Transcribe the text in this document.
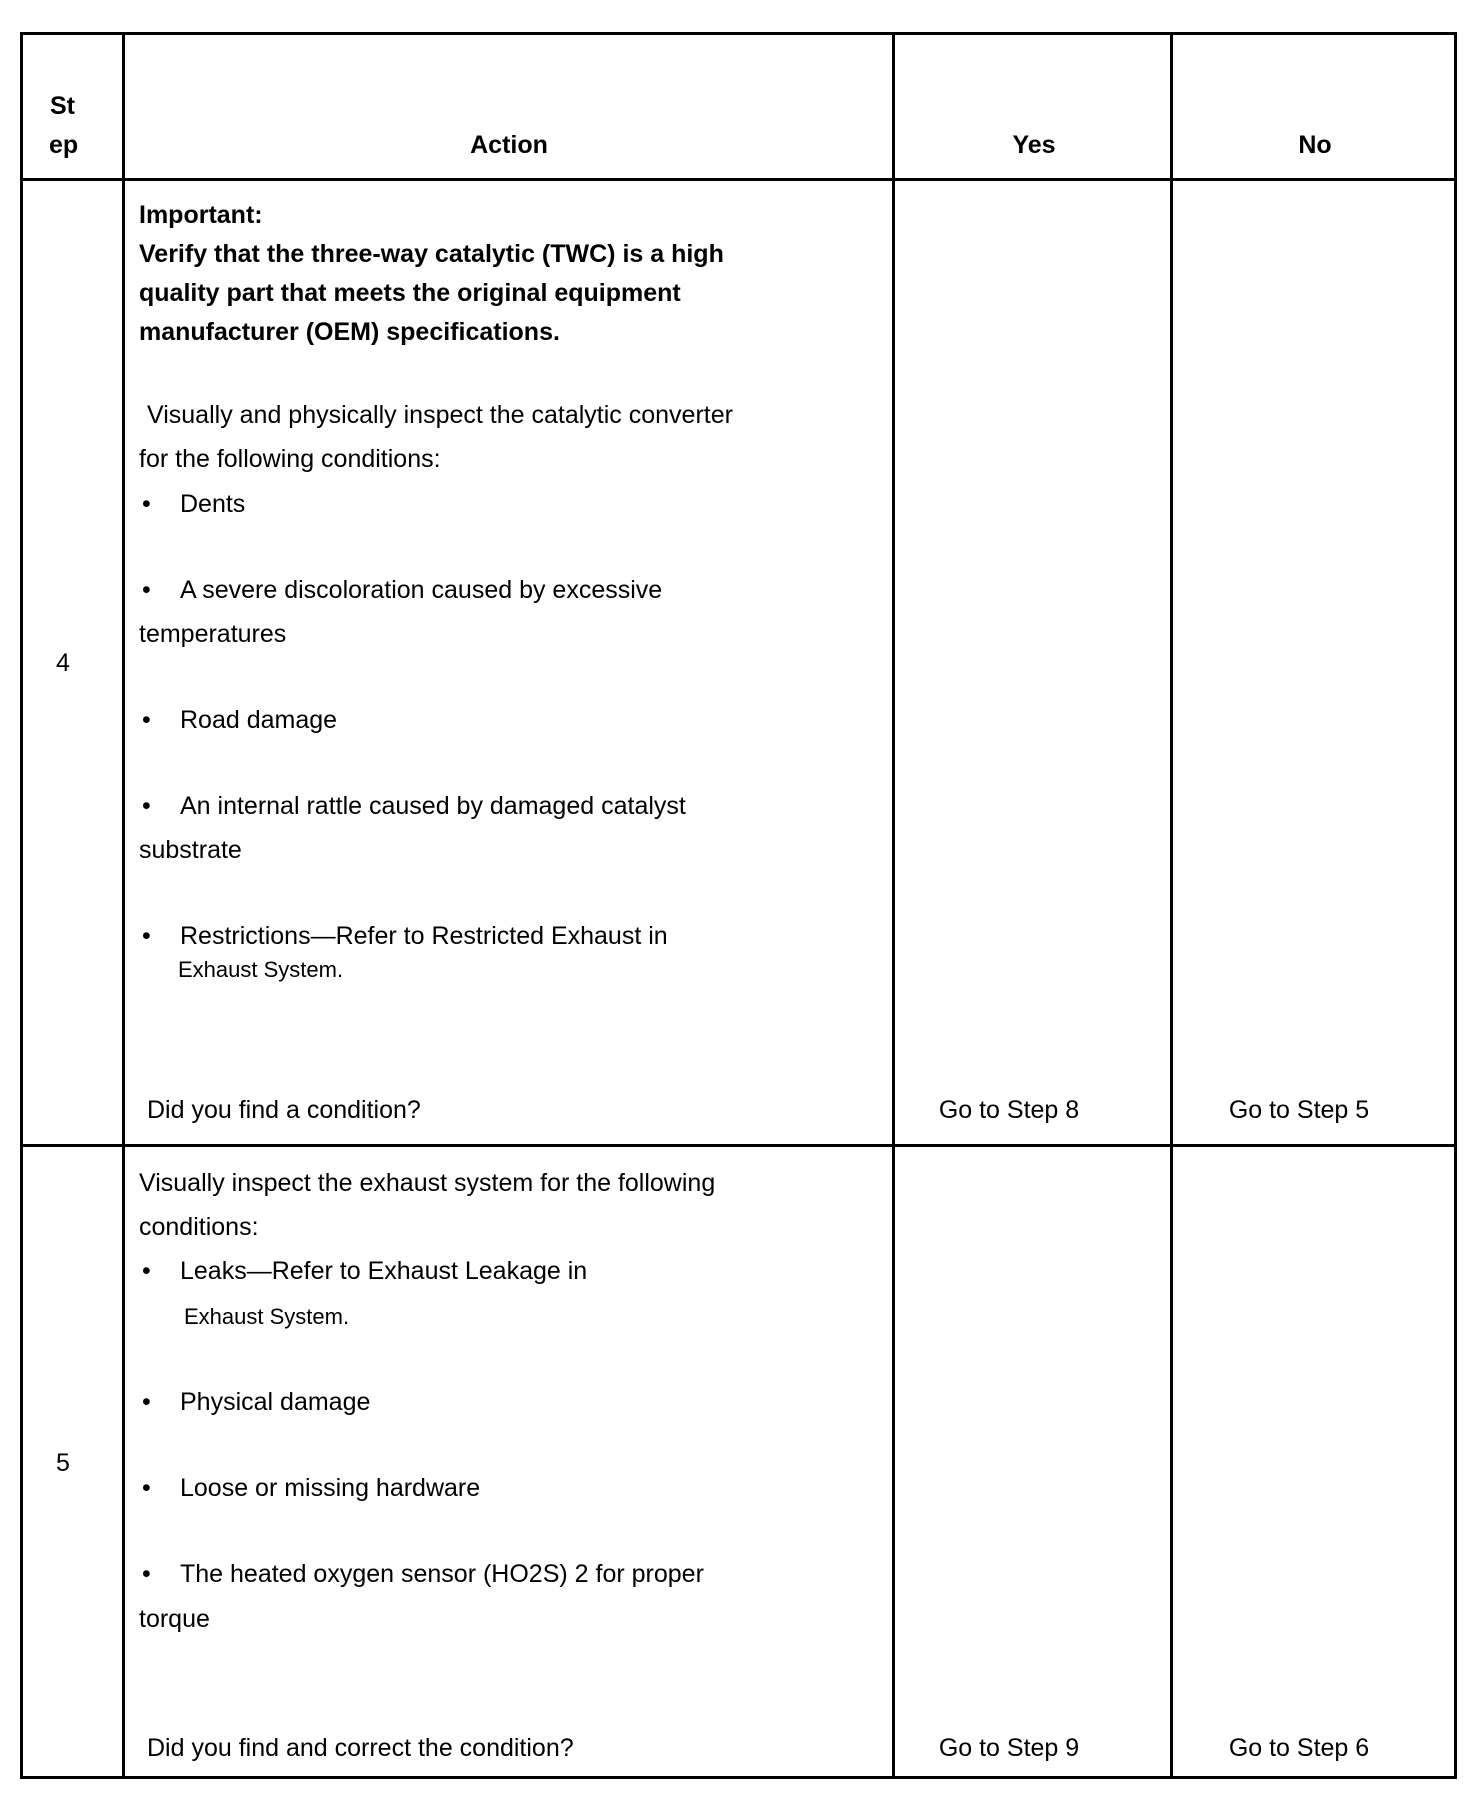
St
ep	Action	Yes	No
4
Important:
Verify that the three-way catalytic (TWC) is a high
quality part that meets the original equipment
manufacturer (OEM) specifications.
Visually and physically inspect the catalytic converter
for the following conditions:
• Dents
• A severe discoloration caused by excessive
temperatures
• Road damage
• An internal rattle caused by damaged catalyst
substrate
• Restrictions—Refer to Restricted Exhaust in
Exhaust System.
Did you find a condition?	Go to Step 8	Go to Step 5
5
Visually inspect the exhaust system for the following
conditions:
• Leaks—Refer to Exhaust Leakage in
Exhaust System.
• Physical damage
• Loose or missing hardware
• The heated oxygen sensor (HO2S) 2 for proper
torque
Did you find and correct the condition?	Go to Step 9	Go to Step 6
